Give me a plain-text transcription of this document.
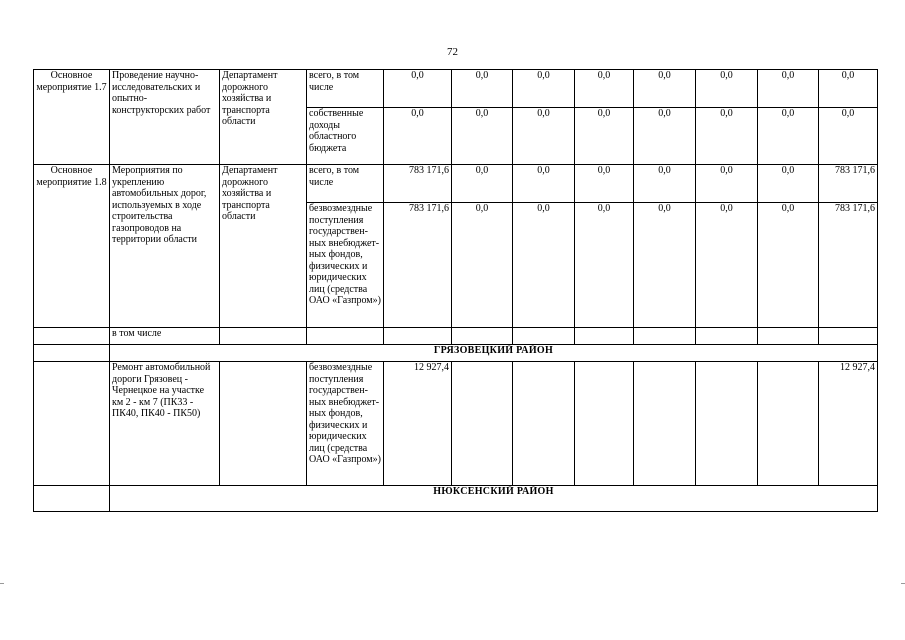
72
Основное мероприятие 1.7	Проведение научно-исследовательских и опытно-конструкторских работ	Департамент дорожного хозяйства и транспорта области	всего, в том числе	0,0	0,0	0,0	0,0	0,0	0,0	0,0	0,0
			собственные доходы областного бюджета	0,0	0,0	0,0	0,0	0,0	0,0	0,0	0,0
Основное мероприятие 1.8	Мероприятия по укреплению автомобильных дорог, используемых в ходе строительства газопроводов на территории области	Департамент дорожного хозяйства и транспорта области	всего, в том числе	783 171,6	0,0	0,0	0,0	0,0	0,0	0,0	783 171,6
			безвозмездные поступления государствен-ных внебюджет-ных фондов, физических и юридических лиц (средства ОАО «Газпром»)	783 171,6	0,0	0,0	0,0	0,0	0,0	0,0	783 171,6
	в том числе										
	ГРЯЗОВЕЦКИЙ РАЙОН										
	Ремонт автомобильной дороги Грязовец - Чернецкое на участке км 2 - км 7 (ПК33 - ПК40, ПК40 - ПК50)		безвозмездные поступления государствен-ных внебюджет-ных фондов, физических и юридических лиц (средства ОАО «Газпром»)	12 927,4							12 927,4
	НЮКСЕНСКИЙ РАЙОН										
